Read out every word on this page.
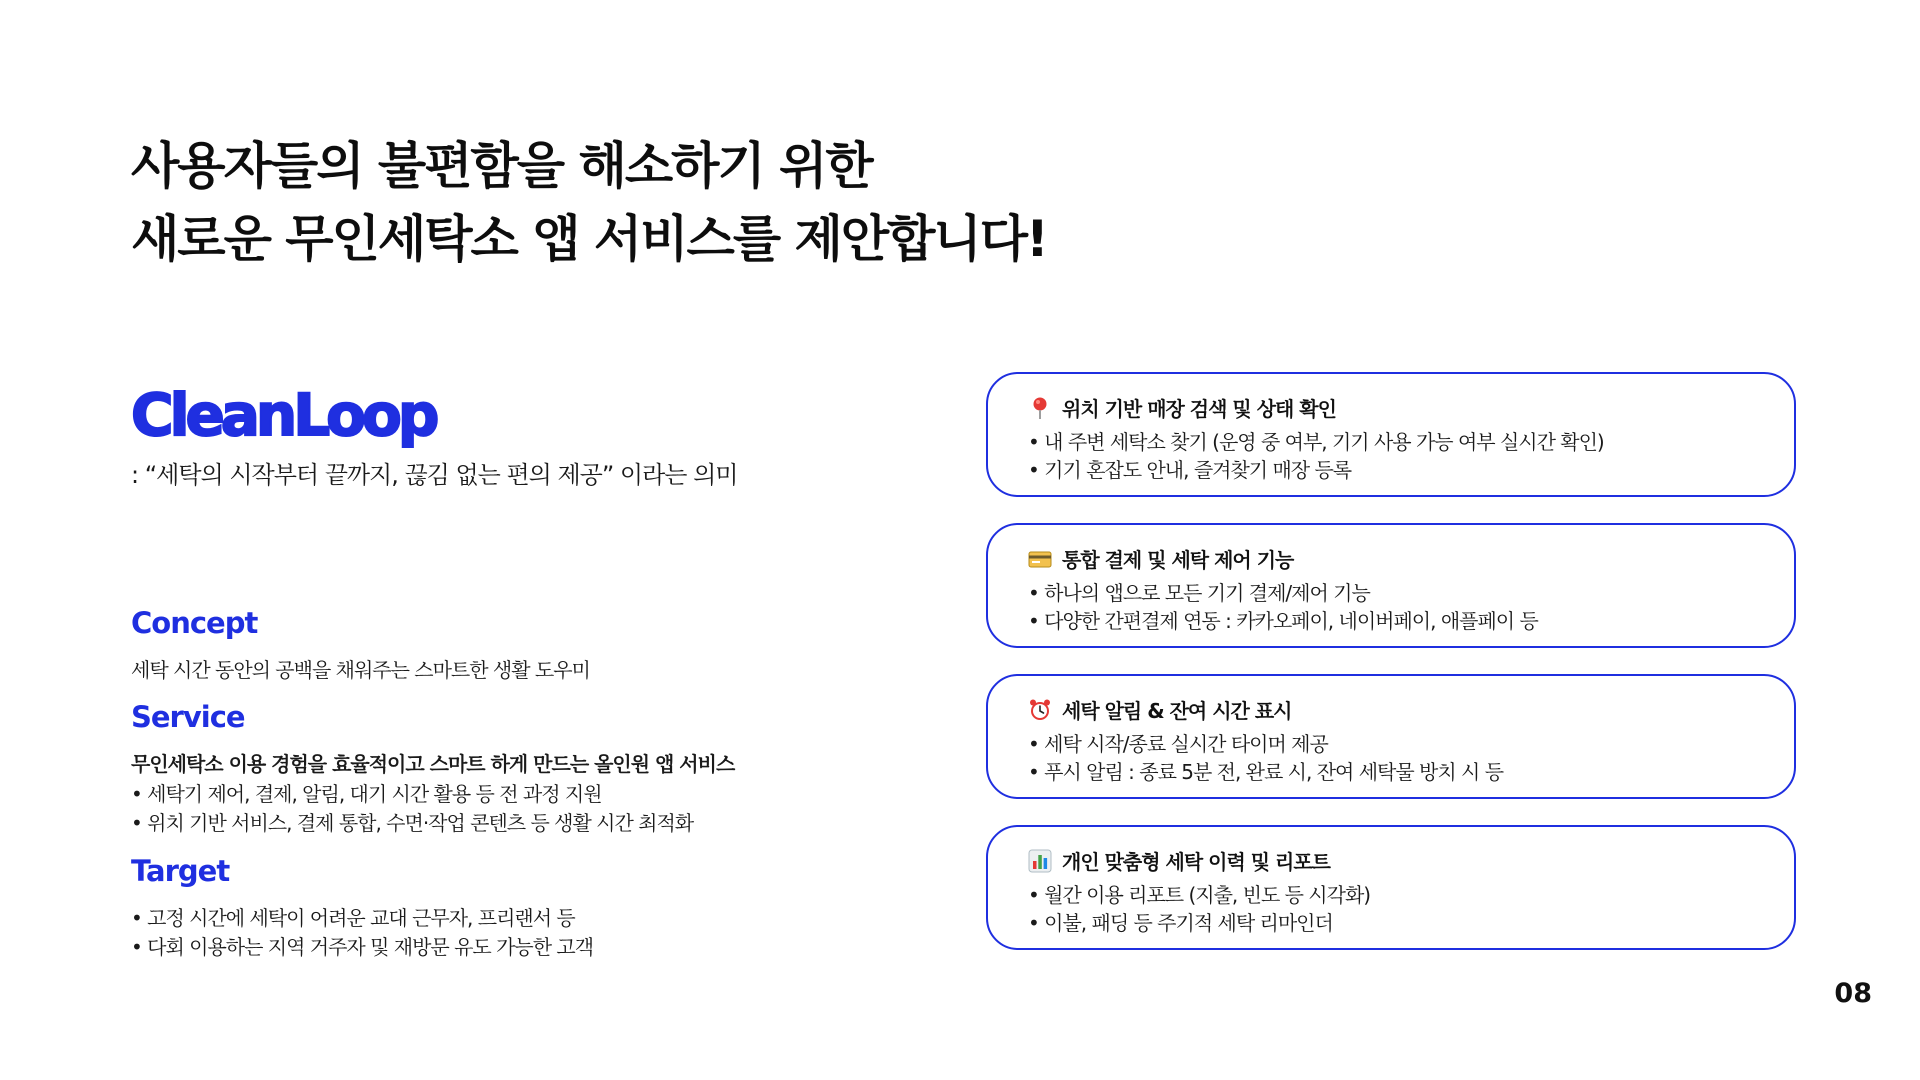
사용자들의 불편함을 해소하기 위한
새로운 무인세탁소 앱 서비스를 제안합니다!
CleanLoop
: “세탁의 시작부터 끝까지, 끊김 없는 편의 제공” 이라는 의미
Concept

세탁 시간 동안의 공백을 채워주는 스마트한 생활 도우미

Service

무인세탁소 이용 경험을 효율적이고 스마트 하게 만드는 올인원 앱 서비스

• 세탁기 제어, 결제, 알림, 대기 시간 활용 등 전 과정 지원

• 위치 기반 서비스, 결제 통합, 수면·작업 콘텐츠 등 생활 시간 최적화

Target

• 고정 시간에 세탁이 어려운 교대 근무자, 프리랜서 등

• 다회 이용하는 지역 거주자 및 재방문 유도 가능한 고객

위치 기반 매장 검색 및 상태 확인
• 내 주변 세탁소 찾기 (운영 중 여부, 기기 사용 가능 여부 실시간 확인)
• 기기 혼잡도 안내, 즐겨찾기 매장 등록
통합 결제 및 세탁 제어 기능
• 하나의 앱으로 모든 기기 결제/제어 기능
• 다양한 간편결제 연동 : 카카오페이, 네이버페이, 애플페이 등
세탁 알림 & 잔여 시간 표시
• 세탁 시작/종료 실시간 타이머 제공
• 푸시 알림 : 종료 5분 전, 완료 시, 잔여 세탁물 방치 시 등
개인 맞춤형 세탁 이력 및 리포트
• 월간 이용 리포트 (지출, 빈도 등 시각화)
• 이불, 패딩 등 주기적 세탁 리마인더
08
